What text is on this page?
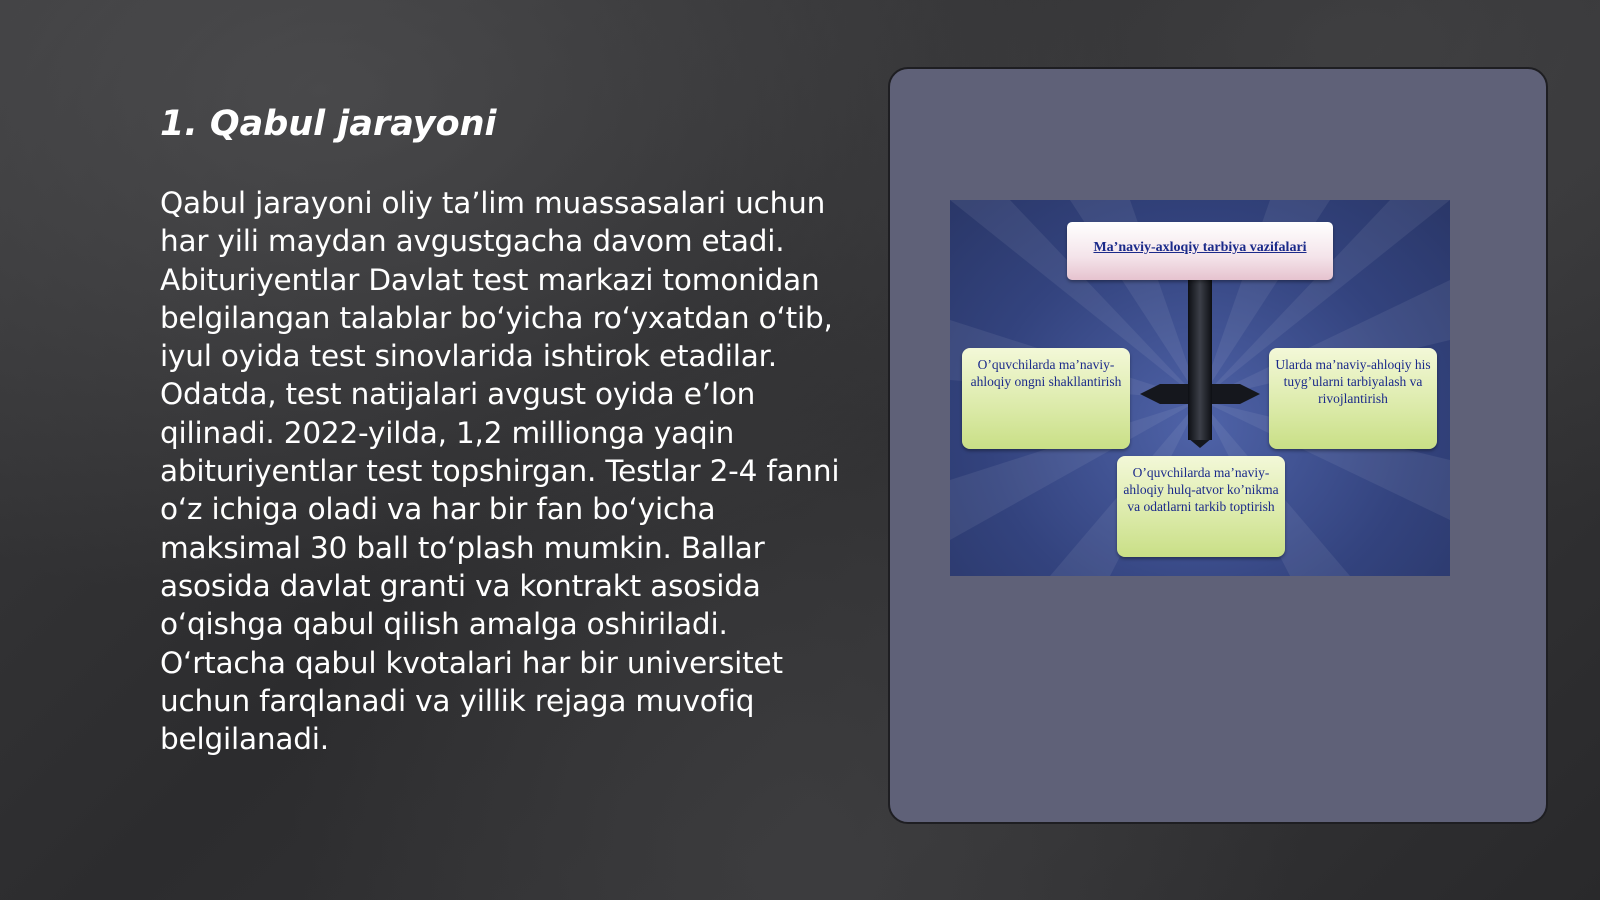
1. Qabul jarayoni

Qabul jarayoni oliy ta’lim muassasalari uchun har yili maydan avgustgacha davom etadi. Abituriyentlar Davlat test markazi tomonidan belgilangan talablar bo‘yicha ro‘yxatdan o‘tib, iyul oyida test sinovlarida ishtirok etadilar. Odatda, test natijalari avgust oyida e’lon qilinadi. 2022-yilda, 1,2 millionga yaqin abituriyentlar test topshirgan. Testlar 2-4 fanni o‘z ichiga oladi va har bir fan bo‘yicha maksimal 30 ball to‘plash mumkin. Ballar asosida davlat granti va kontrakt asosida o‘qishga qabul qilish amalga oshiriladi. O‘rtacha qabul kvotalari har bir universitet uchun farqlanadi va yillik rejaga muvofiq belgilanadi.

Ma’naviy-axloqiy tarbiya vazifalari
O’quvchilarda ma’naviy-ahloqiy ongni shakllantirish
Ularda ma’naviy-ahloqiy his tuyg’ularni tarbiyalash va rivojlantirish
O’quvchilarda ma’naviy-ahloqiy hulq-atvor ko’nikma va odatlarni tarkib toptirish
